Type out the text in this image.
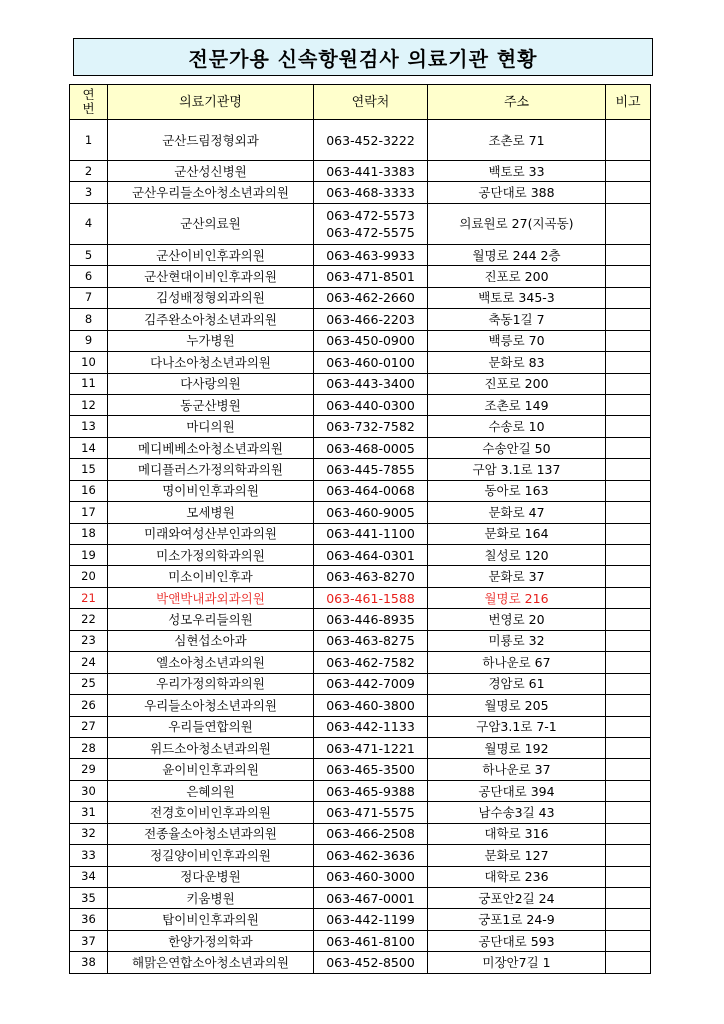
전문가용 신속항원검사 의료기관 현황
연
번	의료기관명	연락처	주소	비고
1	군산드림정형외과	063-452-3222	조촌로 71	
2	군산성신병원	063-441-3383	백토로 33	
3	군산우리들소아청소년과의원	063-468-3333	공단대로 388	
4	군산의료원	063-472-5573
063-472-5575	의료원로 27(지곡동)	
5	군산이비인후과의원	063-463-9933	월명로 244 2층	
6	군산현대이비인후과의원	063-471-8501	진포로 200	
7	김성배정형외과의원	063-462-2660	백토로 345-3	
8	김주완소아청소년과의원	063-466-2203	축동1길 7	
9	누가병원	063-450-0900	백릉로 70	
10	다나소아청소년과의원	063-460-0100	문화로 83	
11	다사랑의원	063-443-3400	진포로 200	
12	동군산병원	063-440-0300	조촌로 149	
13	마디의원	063-732-7582	수송로 10	
14	메디베베소아청소년과의원	063-468-0005	수송안길 50	
15	메디플러스가정의학과의원	063-445-7855	구암 3.1로 137	
16	명이비인후과의원	063-464-0068	동아로 163	
17	모세병원	063-460-9005	문화로 47	
18	미래와여성산부인과의원	063-441-1100	문화로 164	
19	미소가정의학과의원	063-464-0301	칠성로 120	
20	미소이비인후과	063-463-8270	문화로 37	
21	박앤박내과외과의원	063-461-1588	월명로 216	
22	성모우리들의원	063-446-8935	번영로 20	
23	심현섭소아과	063-463-8275	미룡로 32	
24	엘소아청소년과의원	063-462-7582	하나운로 67	
25	우리가정의학과의원	063-442-7009	경암로 61	
26	우리들소아청소년과의원	063-460-3800	월명로 205	
27	우리들연합의원	063-442-1133	구암3.1로 7-1	
28	위드소아청소년과의원	063-471-1221	월명로 192	
29	윤이비인후과의원	063-465-3500	하나운로 37	
30	은혜의원	063-465-9388	공단대로 394	
31	전경호이비인후과의원	063-471-5575	남수송3길 43	
32	전종율소아청소년과의원	063-466-2508	대학로 316	
33	정길양이비인후과의원	063-462-3636	문화로 127	
34	정다운병원	063-460-3000	대학로 236	
35	키움병원	063-467-0001	궁포안2길 24	
36	탑이비인후과의원	063-442-1199	궁포1로 24-9	
37	한양가정의학과	063-461-8100	공단대로 593	
38	해맑은연합소아청소년과의원	063-452-8500	미장안7길 1	
